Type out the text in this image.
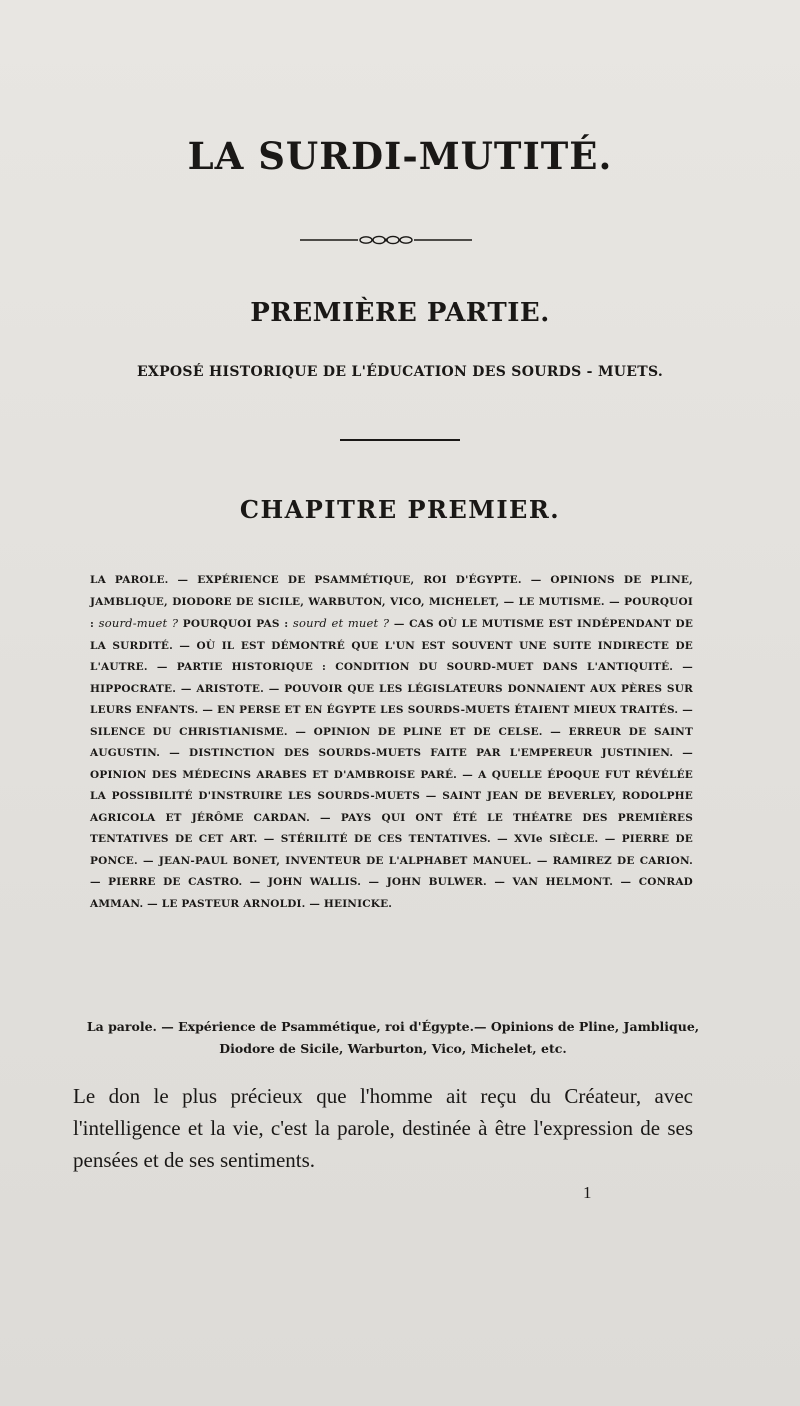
LA SURDI-MUTITÉ.
PREMIÈRE PARTIE.
EXPOSÉ HISTORIQUE DE L'ÉDUCATION DES SOURDS - MUETS.
CHAPITRE PREMIER.
LA PAROLE. — EXPÉRIENCE DE PSAMMÉTIQUE, ROI D'ÉGYPTE. — OPINIONS DE PLINE, JAMBLIQUE, DIODORE DE SICILE, WARBUTON, VICO, MICHELET, — LE MUTISME. — POURQUOI : sourd-muet ? POURQUOI PAS : sourd et muet ? — CAS OÙ LE MUTISME EST INDÉPENDANT DE LA SURDITÉ. — OÙ IL EST DÉMONTRÉ QUE L'UN EST SOUVENT UNE SUITE INDIRECTE DE L'AUTRE. — PARTIE HISTORIQUE : CONDITION DU SOURD-MUET DANS L'ANTIQUITÉ. — HIPPOCRATE. — ARISTOTE. — POUVOIR QUE LES LÉGISLATEURS DONNAIENT AUX PÈRES SUR LEURS ENFANTS. — EN PERSE ET EN ÉGYPTE LES SOURDS-MUETS ÉTAIENT MIEUX TRAITÉS. — SILENCE DU CHRISTIANISME. — OPINION DE PLINE ET DE CELSE. — ERREUR DE SAINT AUGUSTIN. — DISTINCTION DES SOURDS-MUETS FAITE PAR L'EMPEREUR JUSTINIEN. — OPINION DES MÉDECINS ARABES ET D'AMBROISE PARÉ. — A QUELLE ÉPOQUE FUT RÉVÉLÉE LA POSSIBILITÉ D'INSTRUIRE LES SOURDS-MUETS — SAINT JEAN DE BEVERLEY, RODOLPHE AGRICOLA ET JÉRÔME CARDAN. — PAYS QUI ONT ÉTÉ LE THÉATRE DES PREMIÈRES TENTATIVES DE CET ART. — STÉRILITÉ DE CES TENTATIVES. — XVIe SIÈCLE. — PIERRE DE PONCE. — JEAN-PAUL BONET, INVENTEUR DE L'ALPHABET MANUEL. — RAMIREZ DE CARION. — PIERRE DE CASTRO. — JOHN WALLIS. — JOHN BULWER. — VAN HELMONT. — CONRAD AMMAN. — LE PASTEUR ARNOLDI. — HEINICKE.
La parole. — Expérience de Psammétique, roi d'Égypte.— Opinions de Pline, Jamblique, Diodore de Sicile, Warburton, Vico, Michelet, etc.
Le don le plus précieux que l'homme ait reçu du Créateur, avec l'intelligence et la vie, c'est la parole, destinée à être l'expression de ses pensées et de ses sentiments.
1
